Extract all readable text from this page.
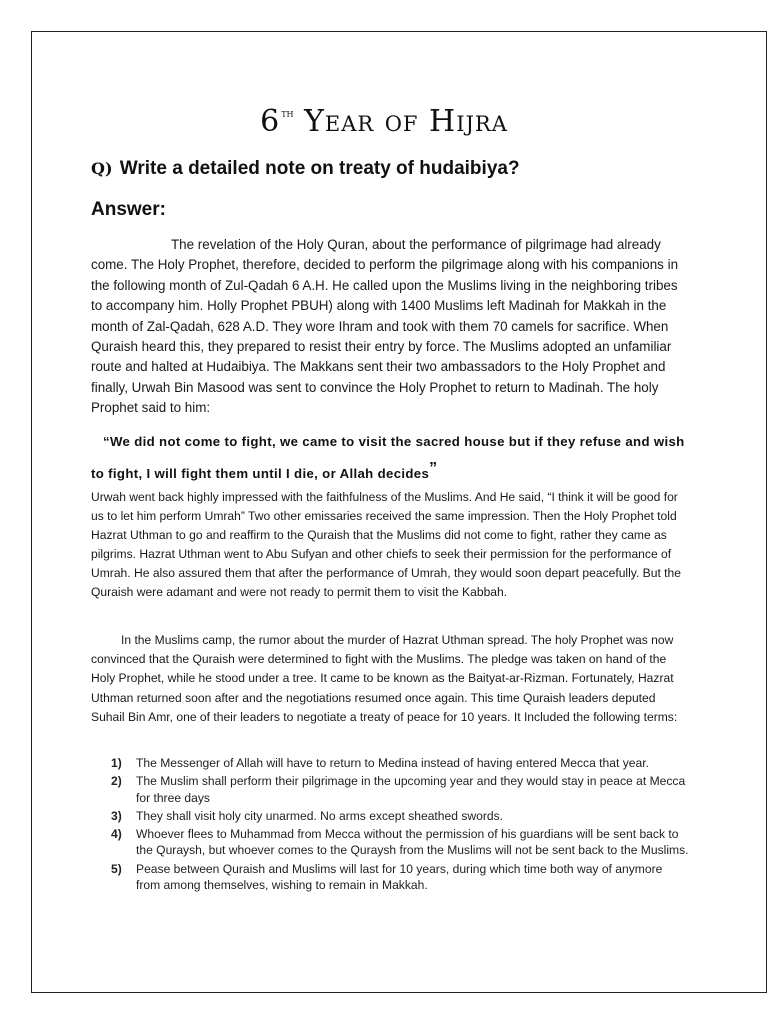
6th Year of Hijra
Q) Write a detailed note on treaty of hudaibiya?
Answer:

The revelation of the Holy Quran, about the performance of pilgrimage had already come. The Holy Prophet, therefore, decided to perform the pilgrimage along with his companions in the following month of Zul-Qadah 6 A.H. He called upon the Muslims living in the neighboring tribes to accompany him. Holly Prophet PBUH) along with 1400 Muslims left Madinah for Makkah in the month of Zal-Qadah, 628 A.D. They wore Ihram and took with them 70 camels for sacrifice. When Quraish heard this, they prepared to resist their entry by force. The Muslims adopted an unfamiliar route and halted at Hudaibiya. The Makkans sent their two ambassadors to the Holy Prophet and finally, Urwah Bin Masood was sent to convince the Holy Prophet to return to Madinah. The holy Prophet said to him:

“We did not come to fight, we came to visit the sacred house but if they refuse and wish to fight, I will fight them until I die, or Allah decides”

Urwah went back highly impressed with the faithfulness of the Muslims. And He said, “I think it will be good for us to let him perform Umrah” Two other emissaries received the same impression. Then the Holy Prophet told Hazrat Uthman to go and reaffirm to the Quraish that the Muslims did not come to fight, rather they came as pilgrims. Hazrat Uthman went to Abu Sufyan and other chiefs to seek their permission for the performance of Umrah. He also assured them that after the performance of Umrah, they would soon depart peacefully. But the Quraish were adamant and were not ready to permit them to visit the Kabbah.

In the Muslims camp, the rumor about the murder of Hazrat Uthman spread. The holy Prophet was now convinced that the Quraish were determined to fight with the Muslims. The pledge was taken on hand of the Holy Prophet, while he stood under a tree. It came to be known as the Baityat-ar-Rizman. Fortunately, Hazrat Uthman returned soon after and the negotiations resumed once again. This time Quraish leaders deputed Suhail Bin Amr, one of their leaders to negotiate a treaty of peace for 10 years. It Included the following terms:

1) The Messenger of Allah will have to return to Medina instead of having entered Mecca that year.
2) The Muslim shall perform their pilgrimage in the upcoming year and they would stay in peace at Mecca for three days
3) They shall visit holy city unarmed. No arms except sheathed swords.
4) Whoever flees to Muhammad from Mecca without the permission of his guardians will be sent back to the Quraysh, but whoever comes to the Quraysh from the Muslims will not be sent back to the Muslims.
5) Pease between Quraish and Muslims will last for 10 years, during which time both way of anymore from among themselves, wishing to remain in Makkah.
